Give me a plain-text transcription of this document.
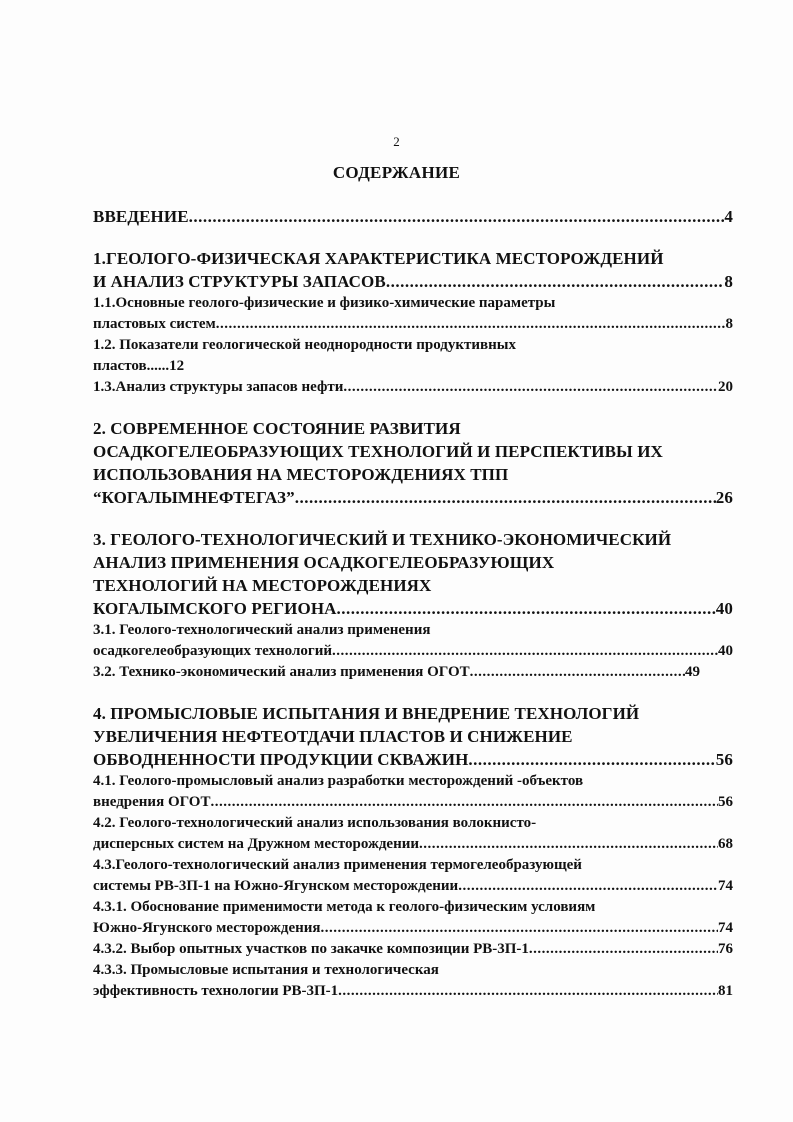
2
СОДЕРЖАНИЕ
ВВЕДЕНИЕ .....	4
1.ГЕОЛОГО-ФИЗИЧЕСКАЯ ХАРАКТЕРИСТИКА МЕСТОРОЖДЕНИЙ
И АНАЛИЗ СТРУКТУРЫ ЗАПАСОВ .....	8
1.1.Основные геолого-физические и физико-химические параметры
пластовых систем .....	8
1.2. Показатели геологической неоднородности продуктивных
пластов......12
1.3.Анализ структуры запасов нефти .....	20
2. СОВРЕМЕННОЕ СОСТОЯНИЕ РАЗВИТИЯ
ОСАДКОГЕЛЕОБРАЗУЮЩИХ ТЕХНОЛОГИЙ И ПЕРСПЕКТИВЫ ИХ
ИСПОЛЬЗОВАНИЯ НА МЕСТОРОЖДЕНИЯХ ТПП
“КОГАЛЫМНЕФТЕГАЗ” .....	26
3. ГЕОЛОГО-ТЕХНОЛОГИЧЕСКИЙ И ТЕХНИКО-ЭКОНОМИЧЕСКИЙ
АНАЛИЗ ПРИМЕНЕНИЯ ОСАДКОГЕЛЕОБРАЗУЮЩИХ
ТЕХНОЛОГИЙ НА МЕСТОРОЖДЕНИЯХ
КОГАЛЫМСКОГО РЕГИОНА .....	40
3.1. Геолого-технологический анализ применения
осадкогелеобразующих технологий .....	40
3.2. Технико-экономический анализ применения ОГОТ .....	49
4. ПРОМЫСЛОВЫЕ ИСПЫТАНИЯ И ВНЕДРЕНИЕ ТЕХНОЛОГИЙ
УВЕЛИЧЕНИЯ НЕФТЕОТДАЧИ ПЛАСТОВ И СНИЖЕНИЕ
ОБВОДНЕННОСТИ ПРОДУКЦИИ СКВАЖИН .....	56
4.1. Геолого-промысловый анализ разработки месторождений -объектов
внедрения ОГОТ .....	56
4.2. Геолого-технологический анализ использования волокнисто-
дисперсных систем на Дружном месторождении .....	68
4.3.Геолого-технологический анализ применения термогелеобразующей
системы РВ-3П-1 на Южно-Ягунском месторождении .....	74
4.3.1. Обоснование применимости метода к геолого-физическим условиям
Южно-Ягунского месторождения .....	74
4.3.2. Выбор опытных участков по закачке композиции РВ-3П-1 .....	76
4.3.3. Промысловые испытания и технологическая
эффективность технологии РВ-3П-1 .....	81
